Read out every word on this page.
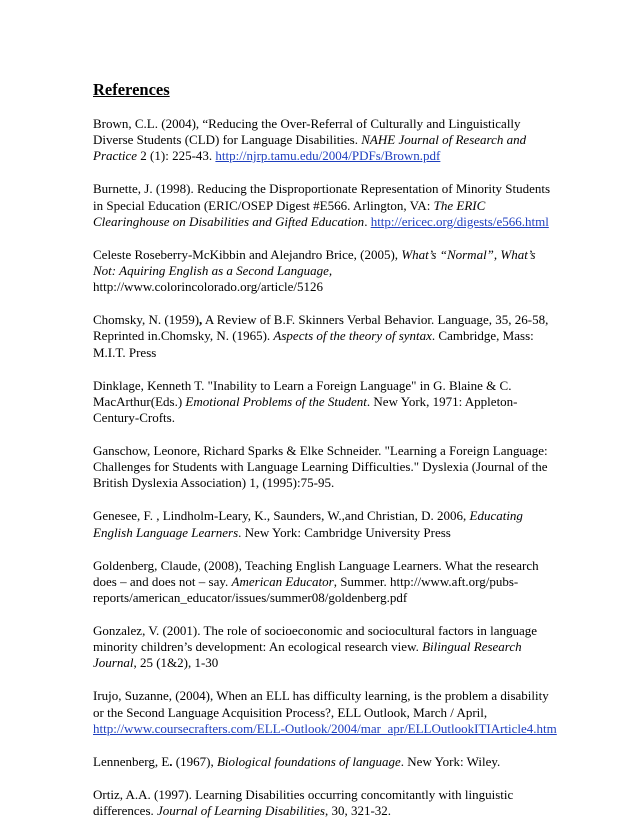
References

Brown, C.L. (2004), “Reducing the Over-Referral of Culturally and Linguistically
Diverse Students (CLD) for Language Disabilities. NAHE Journal of Research and
Practice 2 (1): 225-43. http://njrp.tamu.edu/2004/PDFs/Brown.pdf

Burnette, J. (1998). Reducing the Disproportionate Representation of Minority Students
in Special Education (ERIC/OSEP Digest #E566. Arlington, VA: The ERIC
Clearinghouse on Disabilities and Gifted Education. http://ericec.org/digests/e566.html

Celeste Roseberry-McKibbin and Alejandro Brice, (2005), What’s “Normal”, What’s
Not: Aquiring English as a Second Language,
http://www.colorincolorado.org/article/5126

Chomsky, N. (1959), A Review of B.F. Skinners Verbal Behavior. Language, 35, 26-58,
Reprinted in.Chomsky, N. (1965). Aspects of the theory of syntax. Cambridge, Mass:
M.I.T. Press

Dinklage, Kenneth T. "Inability to Learn a Foreign Language" in G. Blaine & C.
MacArthur(Eds.) Emotional Problems of the Student. New York, 1971: Appleton-
Century-Crofts.

Ganschow, Leonore, Richard Sparks & Elke Schneider. "Learning a Foreign Language:
Challenges for Students with Language Learning Difficulties." Dyslexia (Journal of the
British Dyslexia Association) 1, (1995):75-95.

Genesee, F. , Lindholm-Leary, K., Saunders, W.,and Christian, D. 2006, Educating
English Language Learners. New York: Cambridge University Press

Goldenberg, Claude, (2008), Teaching English Language Learners. What the research
does – and does not – say. American Educator, Summer. http://www.aft.org/pubs-
reports/american_educator/issues/summer08/goldenberg.pdf

Gonzalez, V. (2001). The role of socioeconomic and sociocultural factors in language
minority children’s development: An ecological research view. Bilingual Research
Journal, 25 (1&2), 1-30

Irujo, Suzanne, (2004), When an ELL has difficulty learning, is the problem a disability
or the Second Language Acquisition Process?, ELL Outlook, March / April,
http://www.coursecrafters.com/ELL-Outlook/2004/mar_apr/ELLOutlookITIArticle4.htm

Lennenberg, E. (1967), Biological foundations of language. New York: Wiley.

Ortiz, A.A. (1997). Learning Disabilities occurring concomitantly with linguistic
differences. Journal of Learning Disabilities, 30, 321-32.
